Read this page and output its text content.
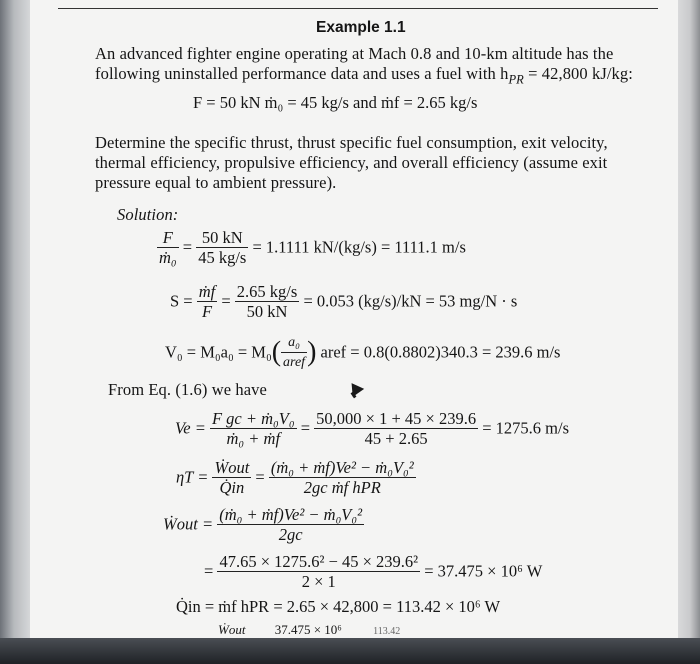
Example 1.1
An advanced fighter engine operating at Mach 0.8 and 10-km altitude has the
following uninstalled performance data and uses a fuel with $h_{PR} = 42,800$ kJ/kg:
F = 50 kN ṁ₀ = 45 kg/s and ṁf = 2.65 kg/s
Determine the specific thrust, thrust specific fuel consumption, exit velocity,
thermal efficiency, propulsive efficiency, and overall efficiency (assume exit
pressure equal to ambient pressure).
Solution:
$\frac{F}{\text{ṁ₀}} = \frac{50 kN}{45 kg/s} = 1.1111$ kN/(kg/s) = 1111.1 m/s
$S = \frac{\text{ṁf}}{F} = \frac{2.65 kg/s}{50 kN} = 0.053$ (kg/s)/kN = 53 mg/N · s
$V_0 = M_0a_0 = M_0( \frac{\text{a₀}}{\text{aref}}$ ) aref = 0.8(0.8802)340.3 = 239.6 m/s
From Eq. (1.6) we have
$Ve = \frac{\text{F gc + ṁ₀V₀}}{\text{ṁ₀ + ṁf}} = \frac{50,000 \times 1 + 45 \times 239.6}{45 + 2.65} = 1275.6$ m/s
$\eta T = \frac{\text{Ẇout}}{Q̇in} = \frac{\text{(ṁ₀ + ṁf)Ve² − ṁ₀V₀²}}{\text{2gc ṁf hPR}}$
Ẇout = $\frac{\text{(ṁ₀ + ṁf)Ve² − ṁ₀V₀²}}{2gc}$
= $\frac{\text{47.65 × 1275.6² − 45 × 239.6²}}{2 \times 1} = 37.475 \times 10^6$ W
Q̇in = ṁf hPR = 2.65 × 42,800 = 113.42 × 10⁶ W
Ẇout 37.475 × 10⁶	113.42
